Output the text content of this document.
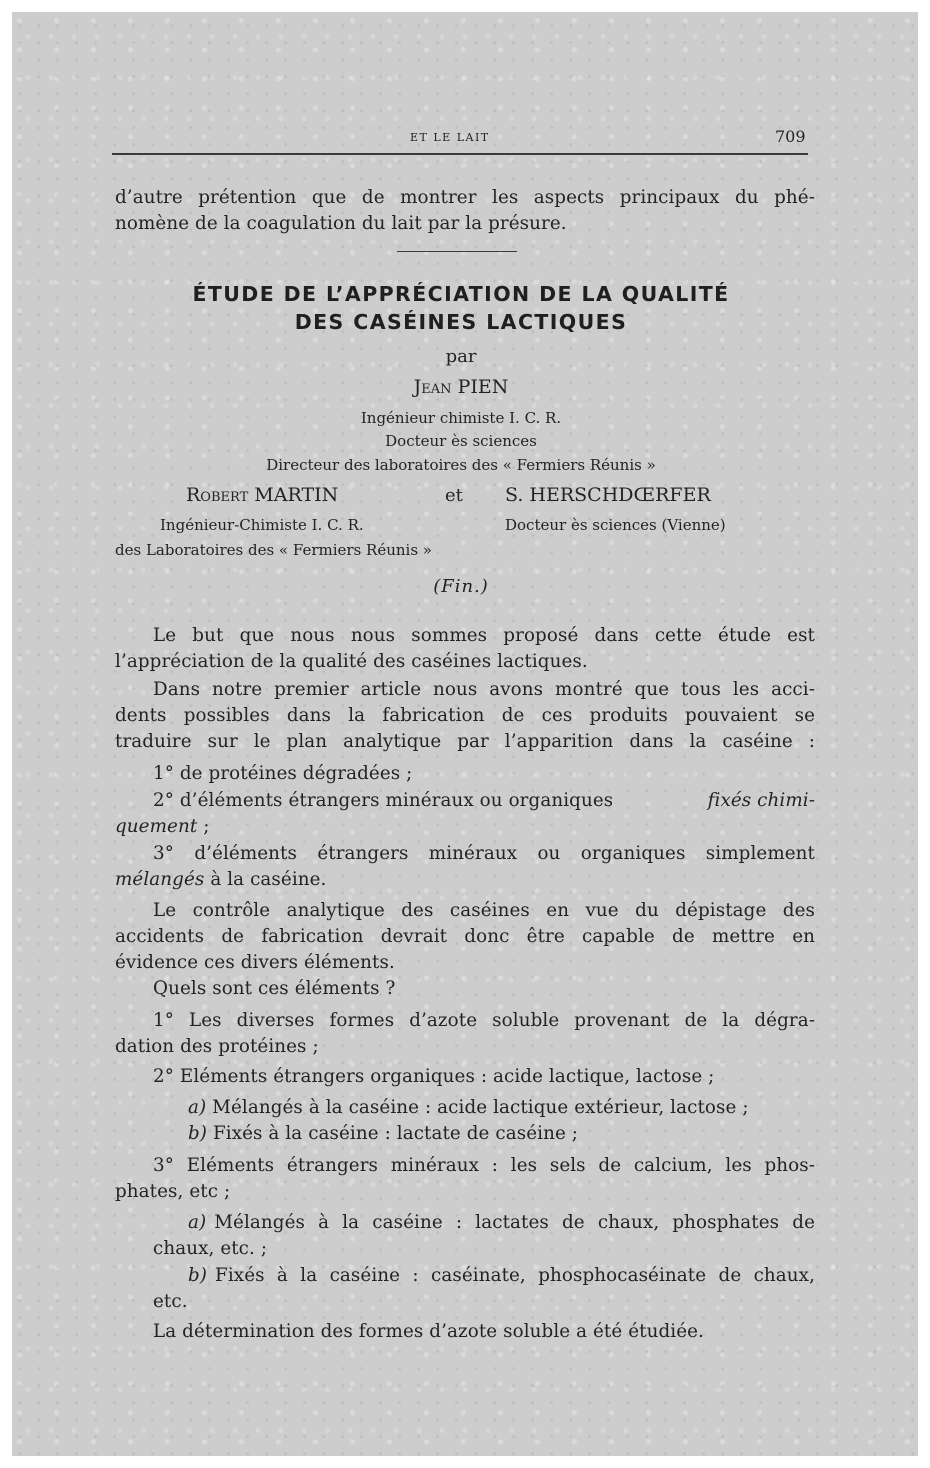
ET LE LAIT	709
d’autre prétention que de montrer les aspects principaux du phé-
nomène de la coagulation du lait par la présure.
ÉTUDE DE L’APPRÉCIATION DE LA QUALITÉ
DES CASÉINES LACTIQUES
par
Jean PIEN
Ingénieur chimiste I. C. R.
Docteur ès sciences
Directeur des laboratoires des « Fermiers Réunis »
Robert MARTIN	et S. HERSCHDŒRFER
Ingénieur-Chimiste I. C. R.	Docteur ès sciences (Vienne)
des Laboratoires des « Fermiers Réunis »
(Fin.)
Le but que nous nous sommes proposé dans cette étude est
l’appréciation de la qualité des caséines lactiques.
Dans notre premier article nous avons montré que tous les acci-
dents possibles dans la fabrication de ces produits pouvaient se
traduire sur le plan analytique par l’apparition dans la caséine :
1° de protéines dégradées ;
2° d’éléments étrangers minéraux ou organiques	fixés chimi-
quement ;
3° d’éléments étrangers minéraux ou organiques simplement
mélangés à la caséine.
Le contrôle analytique des caséines en vue du dépistage des
accidents de fabrication devrait donc être capable de mettre en
évidence ces divers éléments.
Quels sont ces éléments ?
1° Les diverses formes d’azote soluble provenant de la dégra-
dation des protéines ;
2° Eléments étrangers organiques : acide lactique, lactose ;
a) Mélangés à la caséine : acide lactique extérieur, lactose ;
b) Fixés à la caséine : lactate de caséine ;
3° Eléments étrangers minéraux : les sels de calcium, les phos-
phates, etc ;
a) Mélangés à la caséine : lactates de chaux, phosphates de
chaux, etc. ;
b) Fixés à la caséine : caséinate, phosphocaséinate de chaux,
etc.
La détermination des formes d’azote soluble a été étudiée.
